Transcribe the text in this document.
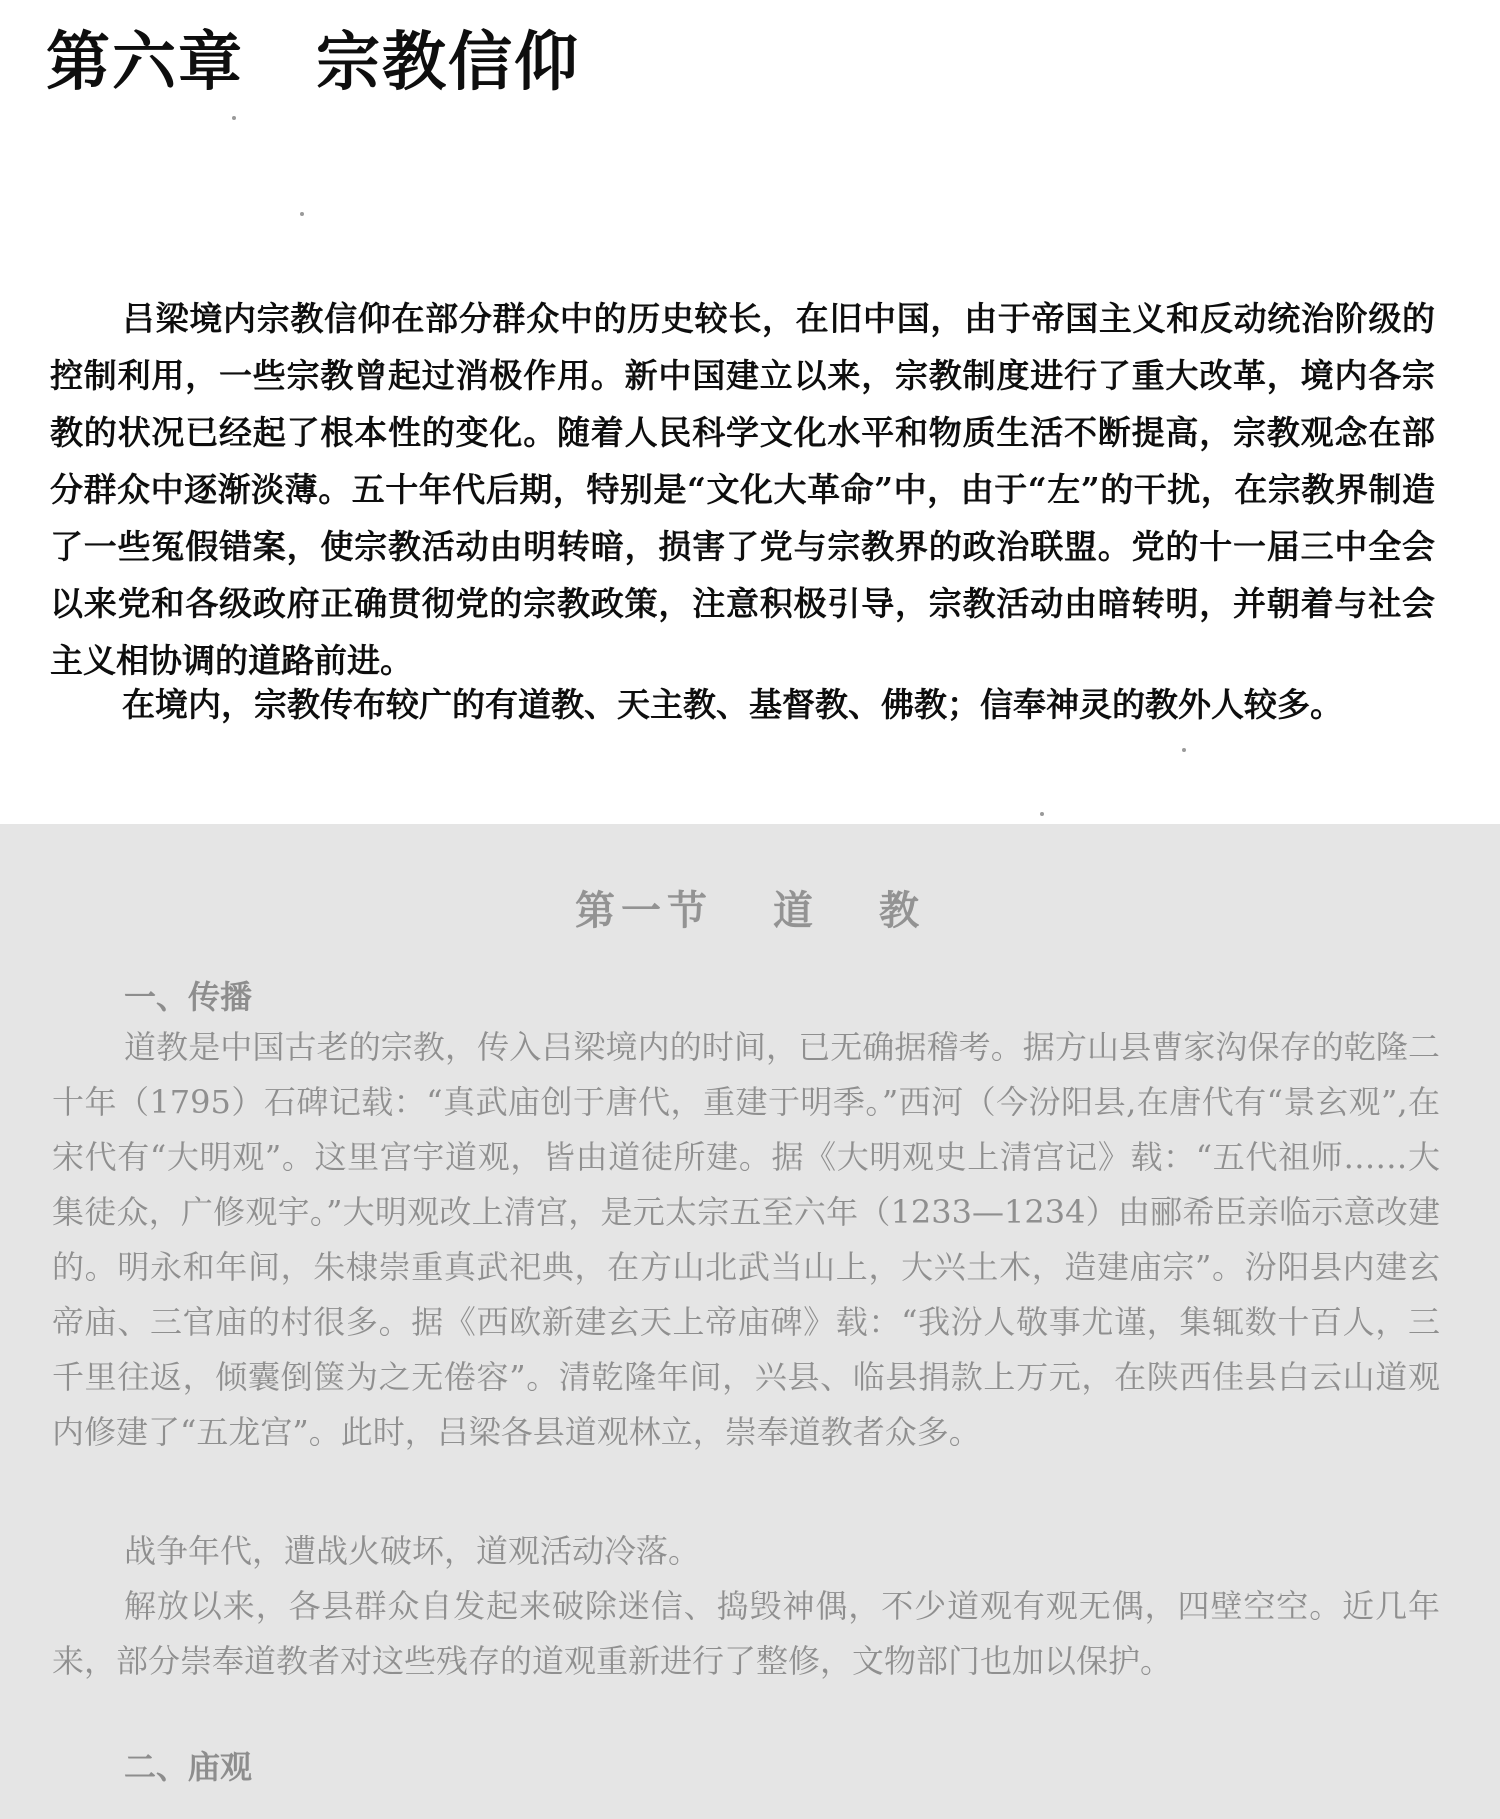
第六章 宗教信仰

吕梁境内宗教信仰在部分群众中的历史较长，在旧中国，由于帝国主义和反动统治阶级的控制利用，一些宗教曾起过消极作用。新中国建立以来，宗教制度进行了重大改革，境内各宗教的状况已经起了根本性的变化。随着人民科学文化水平和物质生活不断提高，宗教观念在部分群众中逐渐淡薄。五十年代后期，特别是“文化大革命”中，由于“左”的干扰，在宗教界制造了一些冤假错案，使宗教活动由明转暗，损害了党与宗教界的政治联盟。党的十一届三中全会以来党和各级政府正确贯彻党的宗教政策，注意积极引导，宗教活动由暗转明，并朝着与社会主义相协调的道路前进。

在境内，宗教传布较广的有道教、天主教、基督教、佛教；信奉神灵的教外人较多。

第一节 道 教
一、传播

道教是中国古老的宗教，传入吕梁境内的时间，已无确据稽考。据方山县曹家沟保存的乾隆二十年（1795）石碑记载：“真武庙创于唐代，重建于明季。”西河（今汾阳县,在唐代有“景玄观”,在宋代有“大明观”。这里宫宇道观，皆由道徒所建。据《大明观史上清宫记》载：“五代祖师……大集徒众，广修观宇。”大明观改上清宫，是元太宗五至六年（1233—1234）由郦希臣亲临示意改建的。明永和年间，朱棣崇重真武祀典，在方山北武当山上，大兴土木，造建庙宗”。汾阳县内建玄帝庙、三官庙的村很多。据《西欧新建玄天上帝庙碑》载：“我汾人敬事尤谨，集辄数十百人，三千里往返，倾囊倒箧为之无倦容”。清乾隆年间，兴县、临县捐款上万元，在陕西佳县白云山道观内修建了“五龙宫”。此时，吕梁各县道观林立，崇奉道教者众多。

战争年代，遭战火破坏，道观活动冷落。

解放以来，各县群众自发起来破除迷信、捣毁神偶，不少道观有观无偶，四壁空空。近几年来，部分崇奉道教者对这些残存的道观重新进行了整修，文物部门也加以保护。

二、庙观
